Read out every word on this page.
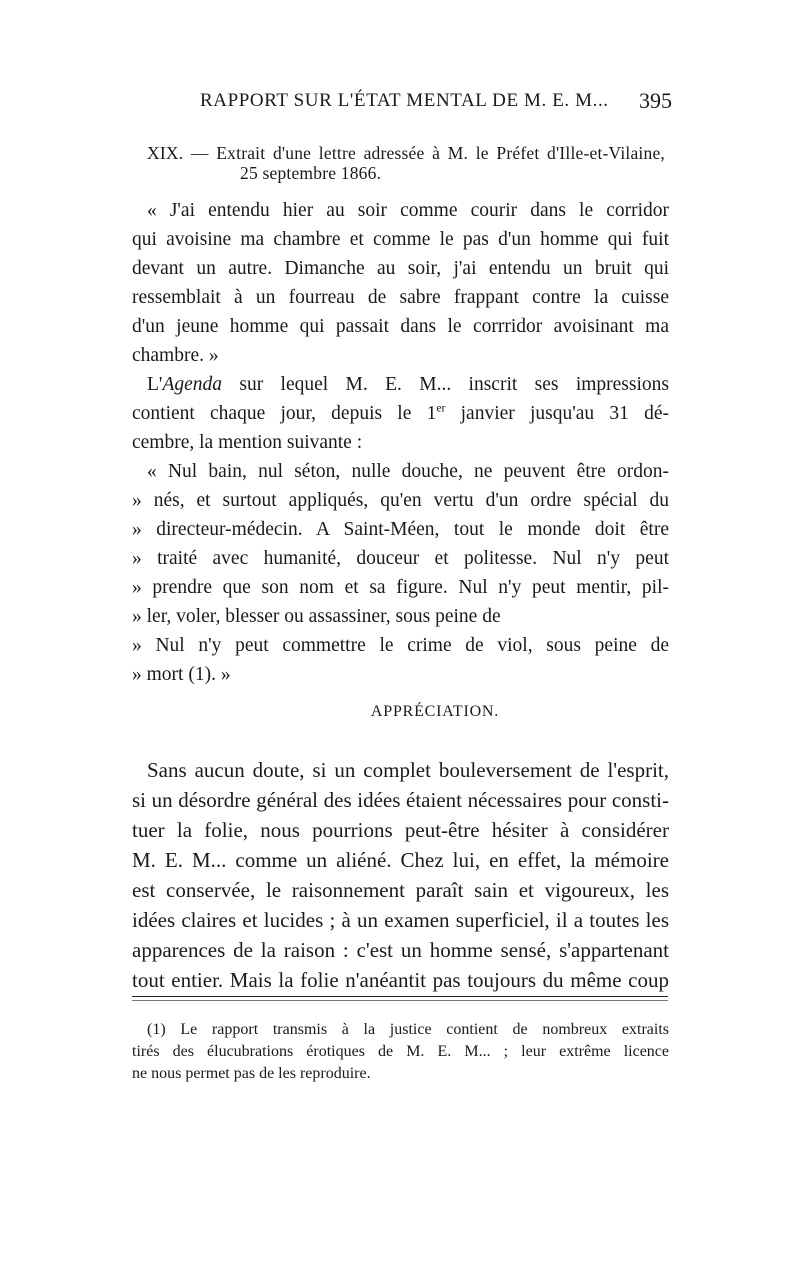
RAPPORT SUR L'ÉTAT MENTAL DE M. E. M... 395
XIX. — Extrait d'une lettre adressée à M. le Préfet d'Ille-et-Vilaine,
25 septembre 1866.
« J'ai entendu hier au soir comme courir dans le corridor
qui avoisine ma chambre et comme le pas d'un homme qui fuit
devant un autre. Dimanche au soir, j'ai entendu un bruit qui
ressemblait à un fourreau de sabre frappant contre la cuisse
d'un jeune homme qui passait dans le corrridor avoisinant ma
chambre. »
L'Agenda sur lequel M. E. M... inscrit ses impressions
contient chaque jour, depuis le 1er janvier jusqu'au 31 dé-
cembre, la mention suivante :
« Nul bain, nul séton, nulle douche, ne peuvent être ordon-
» nés, et surtout appliqués, qu'en vertu d'un ordre spécial du
» directeur-médecin. A Saint-Méen, tout le monde doit être
» traité avec humanité, douceur et politesse. Nul n'y peut
» prendre que son nom et sa figure. Nul n'y peut mentir, pil-
» ler, voler, blesser ou assassiner, sous peine de
» Nul n'y peut commettre le crime de viol, sous peine de
» mort (1). »
APPRÉCIATION.
Sans aucun doute, si un complet bouleversement de l'esprit,
si un désordre général des idées étaient nécessaires pour consti-
tuer la folie, nous pourrions peut-être hésiter à considérer
M. E. M... comme un aliéné. Chez lui, en effet, la mémoire
est conservée, le raisonnement paraît sain et vigoureux, les
idées claires et lucides ; à un examen superficiel, il a toutes les
apparences de la raison : c'est un homme sensé, s'appartenant
tout entier. Mais la folie n'anéantit pas toujours du même coup
(1) Le rapport transmis à la justice contient de nombreux extraits
tirés des élucubrations érotiques de M. E. M... ; leur extrême licence
ne nous permet pas de les reproduire.
